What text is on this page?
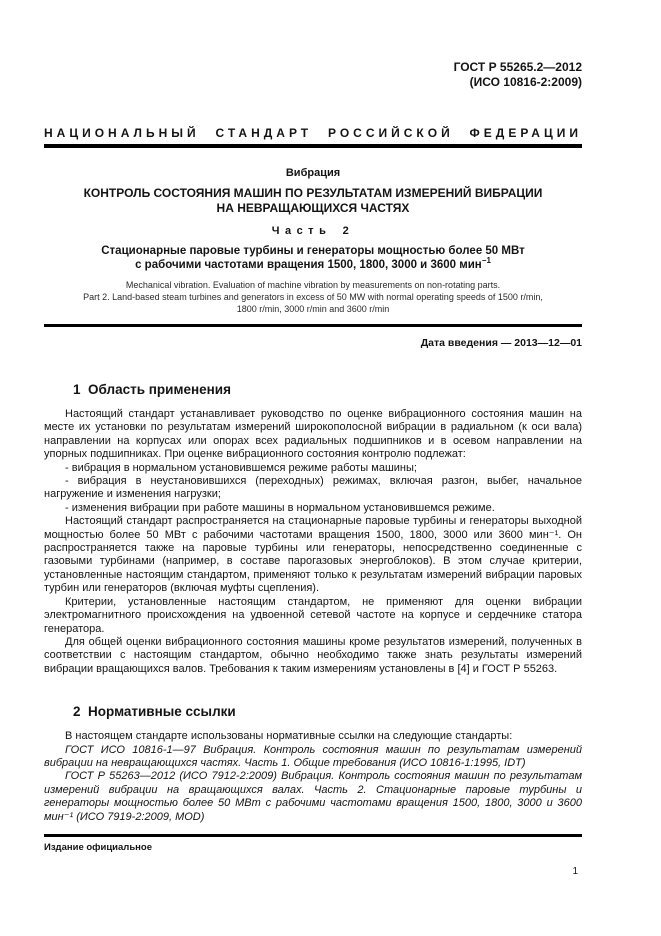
ГОСТ Р 55265.2—2012
(ИСО 10816-2:2009)
НАЦИОНАЛЬНЫЙ СТАНДАРТ РОССИЙСКОЙ ФЕДЕРАЦИИ
Вибрация
КОНТРОЛЬ СОСТОЯНИЯ МАШИН ПО РЕЗУЛЬТАТАМ ИЗМЕРЕНИЙ ВИБРАЦИИ
НА НЕВРАЩАЮЩИХСЯ ЧАСТЯХ
Часть 2
Стационарные паровые турбины и генераторы мощностью более 50 МВт
с рабочими частотами вращения 1500, 1800, 3000 и 3600 мин$^{-1}$
Mechanical vibration. Evaluation of machine vibration by measurements on non-rotating parts.
Part 2. Land-based steam turbines and generators in excess of 50 MW with normal operating speeds of 1500 r/min,
1800 r/min, 3000 r/min and 3600 r/min
Дата введения — 2013—12—01
1  Область применения

Настоящий стандарт устанавливает руководство по оценке вибрационного состояния машин на месте их установки по результатам измерений широкополосной вибрации в радиальном (к оси вала) направлении на корпусах или опорах всех радиальных подшипников и в осевом направлении на упорных подшипниках. При оценке вибрационного состояния контролю подлежат:

- вибрация в нормальном установившемся режиме работы машины;

- вибрация в неустановившихся (переходных) режимах, включая разгон, выбег, начальное нагружение и изменения нагрузки;

- изменения вибрации при работе машины в нормальном установившемся режиме.

Настоящий стандарт распространяется на стационарные паровые турбины и генераторы выходной мощностью более 50 МВт с рабочими частотами вращения 1500, 1800, 3000 или 3600 мин⁻¹. Он распространяется также на паровые турбины или генераторы, непосредственно соединенные с газовыми турбинами (например, в составе парогазовых энергоблоков). В этом случае критерии, установленные настоящим стандартом, применяют только к результатам измерений вибрации паровых турбин или генераторов (включая муфты сцепления).

Критерии, установленные настоящим стандартом, не применяют для оценки вибрации электромагнитного происхождения на удвоенной сетевой частоте на корпусе и сердечнике статора генератора.

Для общей оценки вибрационного состояния машины кроме результатов измерений, полученных в соответствии с настоящим стандартом, обычно необходимо также знать результаты измерений вибрации вращающихся валов. Требования к таким измерениям установлены в [4] и ГОСТ Р 55263.

2  Нормативные ссылки

В настоящем стандарте использованы нормативные ссылки на следующие стандарты:

ГОСТ ИСО 10816-1—97 Вибрация. Контроль состояния машин по результатам измерений вибрации на невращающихся частях. Часть 1. Общие требования (ИСО 10816-1:1995, IDT)

ГОСТ Р 55263—2012 (ИСО 7912-2:2009) Вибрация. Контроль состояния машин по результатам измерений вибрации на вращающихся валах. Часть 2. Стационарные паровые турбины и генераторы мощностью более 50 МВт с рабочими частотами вращения 1500, 1800, 3000 и 3600 мин⁻¹ (ИСО 7919-2:2009, MOD)

Издание официальное
1
